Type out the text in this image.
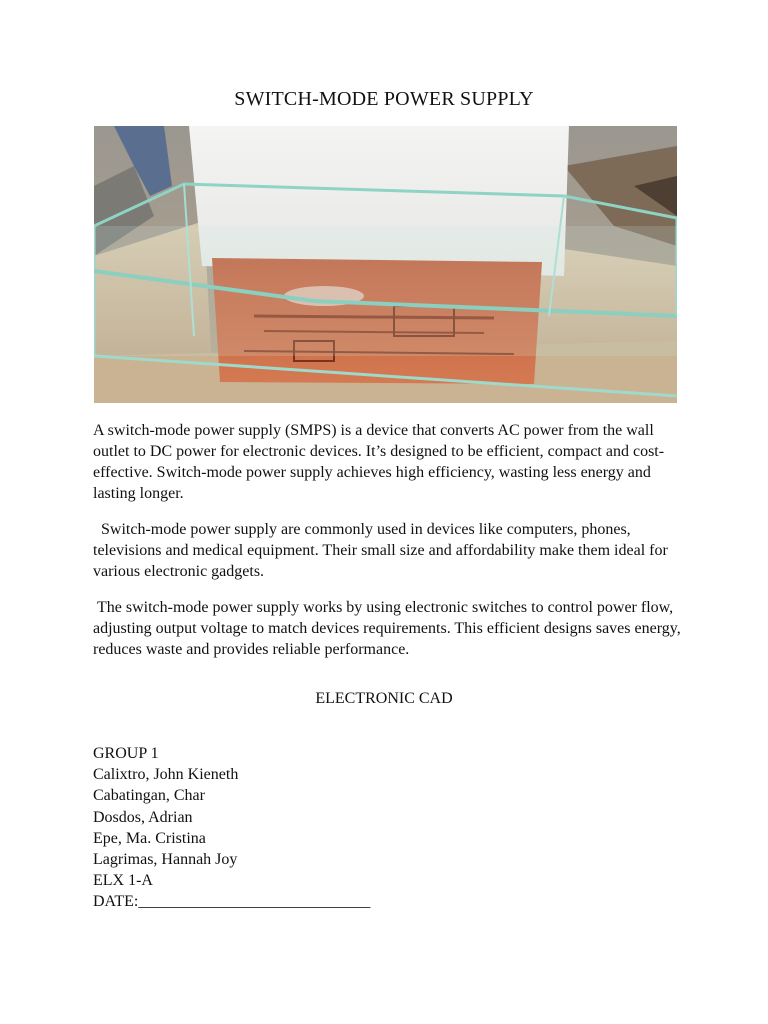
SWITCH-MODE POWER SUPPLY

A switch-mode power supply (SMPS) is a device that converts AC power from the wall outlet to DC power for electronic devices. It’s designed to be efficient, compact and cost-effective. Switch-mode power supply achieves high efficiency, wasting less energy and lasting longer.

Switch-mode power supply are commonly used in devices like computers, phones, televisions and medical equipment. Their small size and affordability make them ideal for various electronic gadgets.

The switch-mode power supply works by using electronic switches to control power flow, adjusting output voltage to match devices requirements. This efficient designs saves energy, reduces waste and provides reliable performance.

ELECTRONIC CAD
GROUP 1
Calixtro, John Kieneth
Cabatingan, Char
Dosdos, Adrian
Epe, Ma. Cristina
Lagrimas, Hannah Joy
ELX 1-A
DATE:_____________________________
